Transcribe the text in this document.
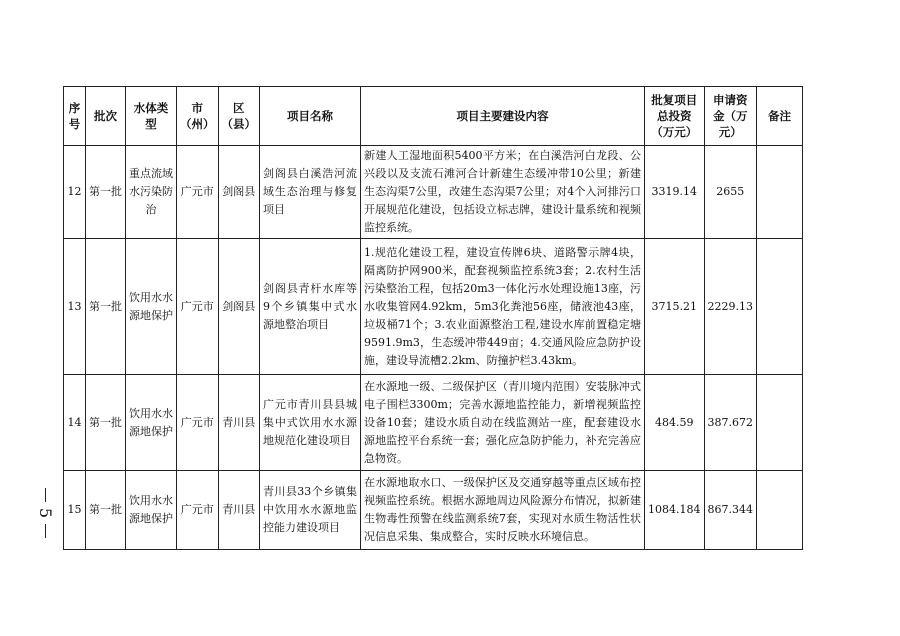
序号	批次	水体类型	市（州）	区（县）	项目名称	项目主要建设内容	批复项目总投资（万元）	申请资金（万元）	备注
12	第一批	重点流域水污染防治	广元市	剑阁县	剑阁县白溪浩河流域生态治理与修复项目	新建人工湿地面积5400平方米；在白溪浩河白龙段、公兴段以及支流石滩河合计新建生态缓冲带10公里；新建生态沟渠7公里，改建生态沟渠7公里；对4个入河排污口开展规范化建设，包括设立标志牌，建设计量系统和视频监控系统。	3319.14	2655	
13	第一批	饮用水水源地保护	广元市	剑阁县	剑阁县青杆水库等9个乡镇集中式水源地整治项目	1.规范化建设工程，建设宣传牌6块、道路警示牌4块，隔离防护网900米，配套视频监控系统3套；2.农村生活污染整治工程，包括20m3一体化污水处理设施13座，污水收集管网4.92km，5m3化粪池56座，储液池43座，垃圾桶71个；3.农业面源整治工程,建设水库前置稳定塘9591.9m3，生态缓冲带449亩；4.交通风险应急防护设施，建设导流槽2.2km、防撞护栏3.43km。	3715.21	2229.13	
14	第一批	饮用水水源地保护	广元市	青川县	广元市青川县县城集中式饮用水水源地规范化建设项目	在水源地一级、二级保护区（青川境内范围）安装脉冲式电子围栏3300m；完善水源地监控能力，新增视频监控设备10套；建设水质自动在线监测站一座，配套建设水源地监控平台系统一套；强化应急防护能力，补充完善应急物资。	484.59	387.672	
15	第一批	饮用水水源地保护	广元市	青川县	青川县33个乡镇集中饮用水水源地监控能力建设项目	在水源地取水口、一级保护区及交通穿越等重点区域布控视频监控系统。根据水源地周边风险源分布情况，拟新建生物毒性预警在线监测系统7套，实现对水质生物活性状况信息采集、集成整合，实时反映水环境信息。	1084.184	867.344	
5
